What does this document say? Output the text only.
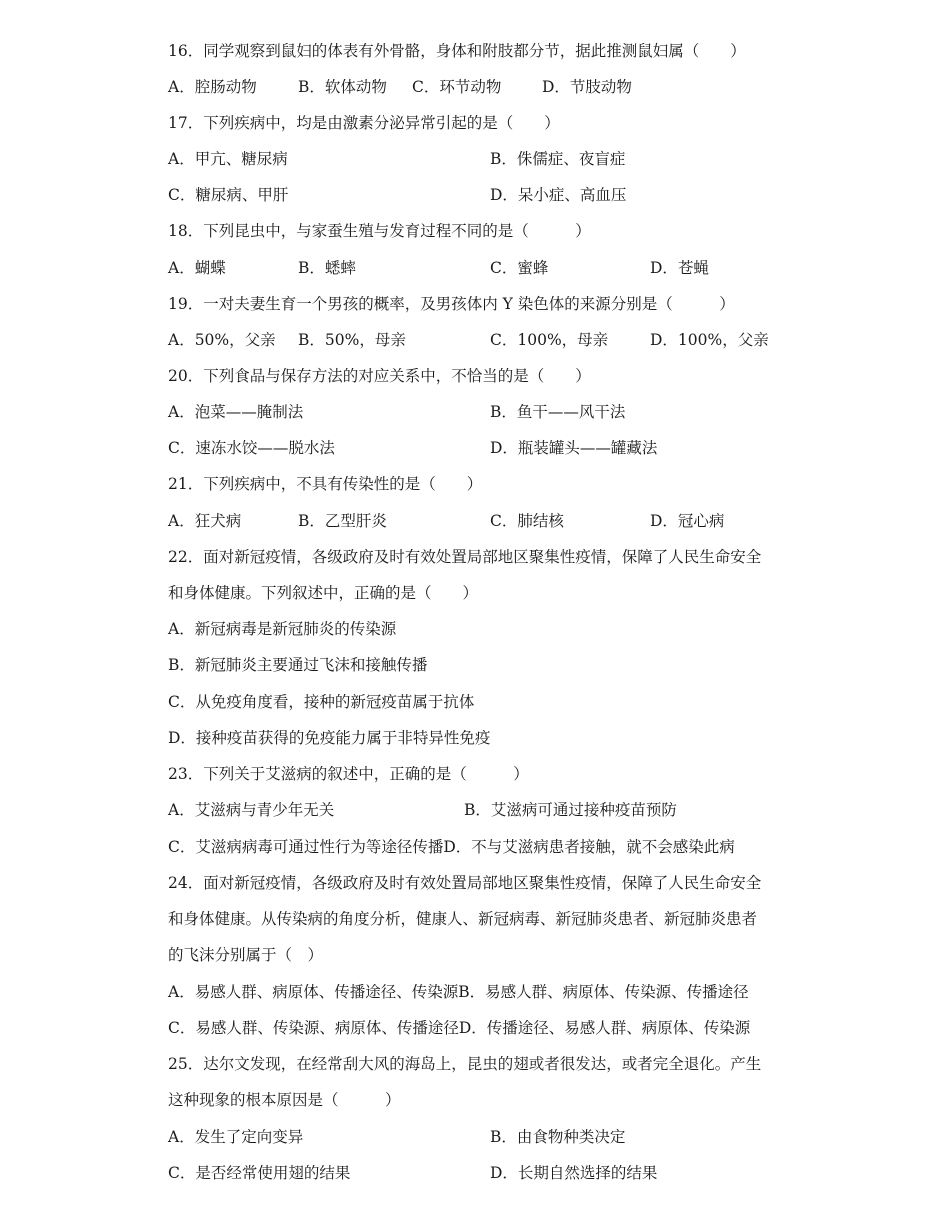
16．同学观察到鼠妇的体表有外骨骼，身体和附肢都分节，据此推测鼠妇属（　　）
A．腔肠动物	B．软体动物 C．环节动物	D．节肢动物
17．下列疾病中，均是由激素分泌异常引起的是（　　）
A．甲亢、糖尿病	B．侏儒症、夜盲症
C．糖尿病、甲肝	D．呆小症、高血压
18．下列昆虫中，与家蚕生殖与发育过程不同的是（　　　）
A．蝴蝶	B．蟋蟀	C．蜜蜂	D．苍蝇
19．一对夫妻生育一个男孩的概率，及男孩体内 Y 染色体的来源分别是（　　　）
A．50%，父亲 B．50%，母亲	C．100%，母亲	D．100%，父亲
20．下列食品与保存方法的对应关系中，不恰当的是（　　）
A．泡菜——腌制法	B．鱼干——风干法
C．速冻水饺——脱水法	D．瓶装罐头——罐藏法
21．下列疾病中，不具有传染性的是（　　）
A．狂犬病	B．乙型肝炎	C．肺结核	D．冠心病
22．面对新冠疫情，各级政府及时有效处置局部地区聚集性疫情，保障了人民生命安全
和身体健康。下列叙述中，正确的是（　　）
A．新冠病毒是新冠肺炎的传染源
B．新冠肺炎主要通过飞沫和接触传播
C．从免疫角度看，接种的新冠疫苗属于抗体
D．接种疫苗获得的免疫能力属于非特异性免疫
23．下列关于艾滋病的叙述中，正确的是（　　　）
A．艾滋病与青少年无关	B．艾滋病可通过接种疫苗预防
C．艾滋病病毒可通过性行为等途径传播D．不与艾滋病患者接触，就不会感染此病
24．面对新冠疫情，各级政府及时有效处置局部地区聚集性疫情，保障了人民生命安全
和身体健康。从传染病的角度分析，健康人、新冠病毒、新冠肺炎患者、新冠肺炎患者
的飞沫分别属于（　）
A．易感人群、病原体、传播途径、传染源B．易感人群、病原体、传染源、传播途径
C．易感人群、传染源、病原体、传播途径D．传播途径、易感人群、病原体、传染源
25．达尔文发现，在经常刮大风的海岛上，昆虫的翅或者很发达，或者完全退化。产生
这种现象的根本原因是（　　　）
A．发生了定向变异	B．由食物种类决定
C．是否经常使用翅的结果	D．长期自然选择的结果
